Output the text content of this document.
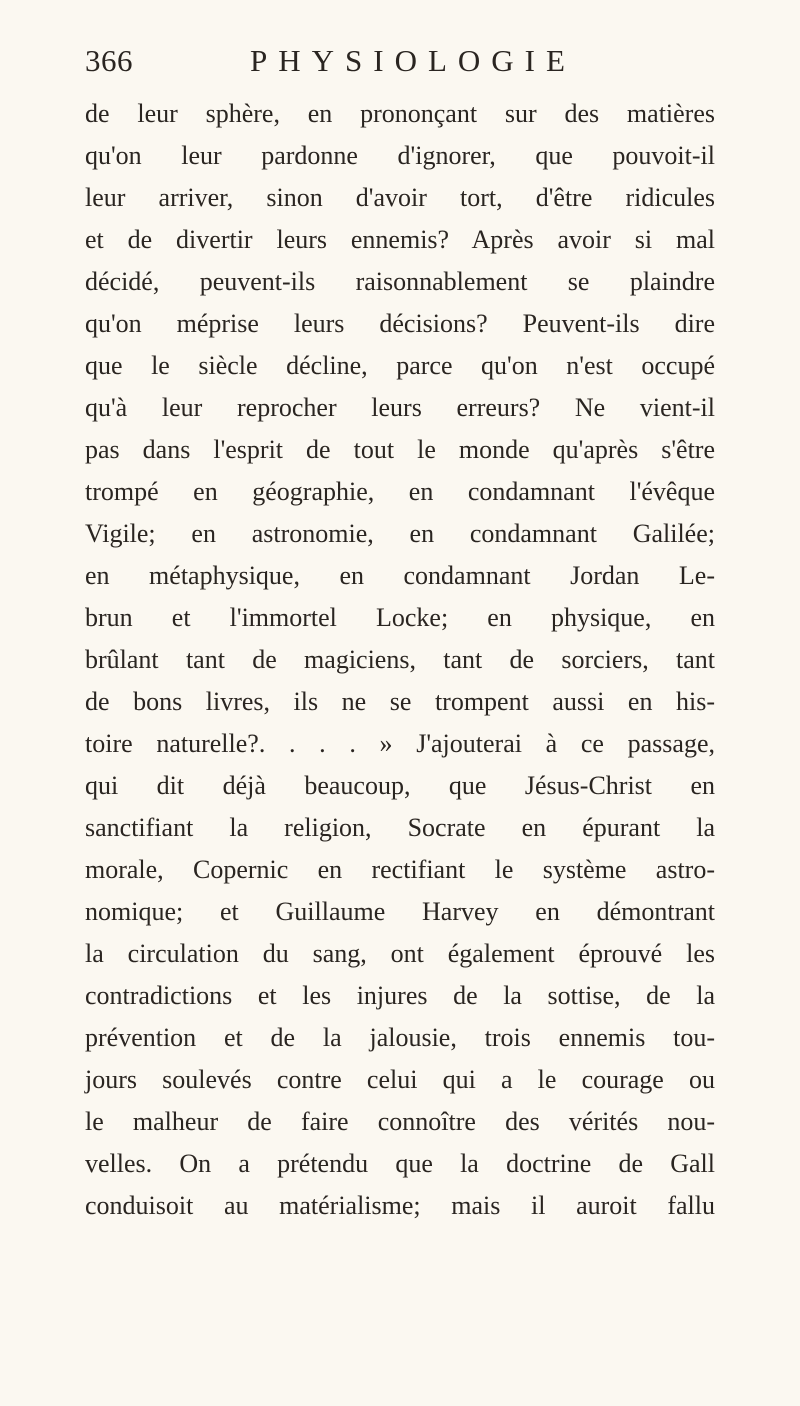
366	PHYSIOLOGIE
de leur sphère, en prononçant sur des matières
qu'on leur pardonne d'ignorer, que pouvoit-il
leur arriver, sinon d'avoir tort, d'être ridicules
et de divertir leurs ennemis? Après avoir si mal
décidé, peuvent-ils raisonnablement se plaindre
qu'on méprise leurs décisions? Peuvent-ils dire
que le siècle décline, parce qu'on n'est occupé
qu'à leur reprocher leurs erreurs? Ne vient-il
pas dans l'esprit de tout le monde qu'après s'être
trompé en géographie, en condamnant l'évêque
Vigile; en astronomie, en condamnant Galilée;
en métaphysique, en condamnant Jordan Le-
brun et l'immortel Locke; en physique, en
brûlant tant de magiciens, tant de sorciers, tant
de bons livres, ils ne se trompent aussi en his-
toire naturelle?. . . . » J'ajouterai à ce passage,
qui dit déjà beaucoup, que Jésus-Christ en
sanctifiant la religion, Socrate en épurant la
morale, Copernic en rectifiant le système astro-
nomique; et Guillaume Harvey en démontrant
la circulation du sang, ont également éprouvé les
contradictions et les injures de la sottise, de la
prévention et de la jalousie, trois ennemis tou-
jours soulevés contre celui qui a le courage ou
le malheur de faire connoître des vérités nou-
velles. On a prétendu que la doctrine de Gall
conduisoit au matérialisme; mais il auroit fallu
